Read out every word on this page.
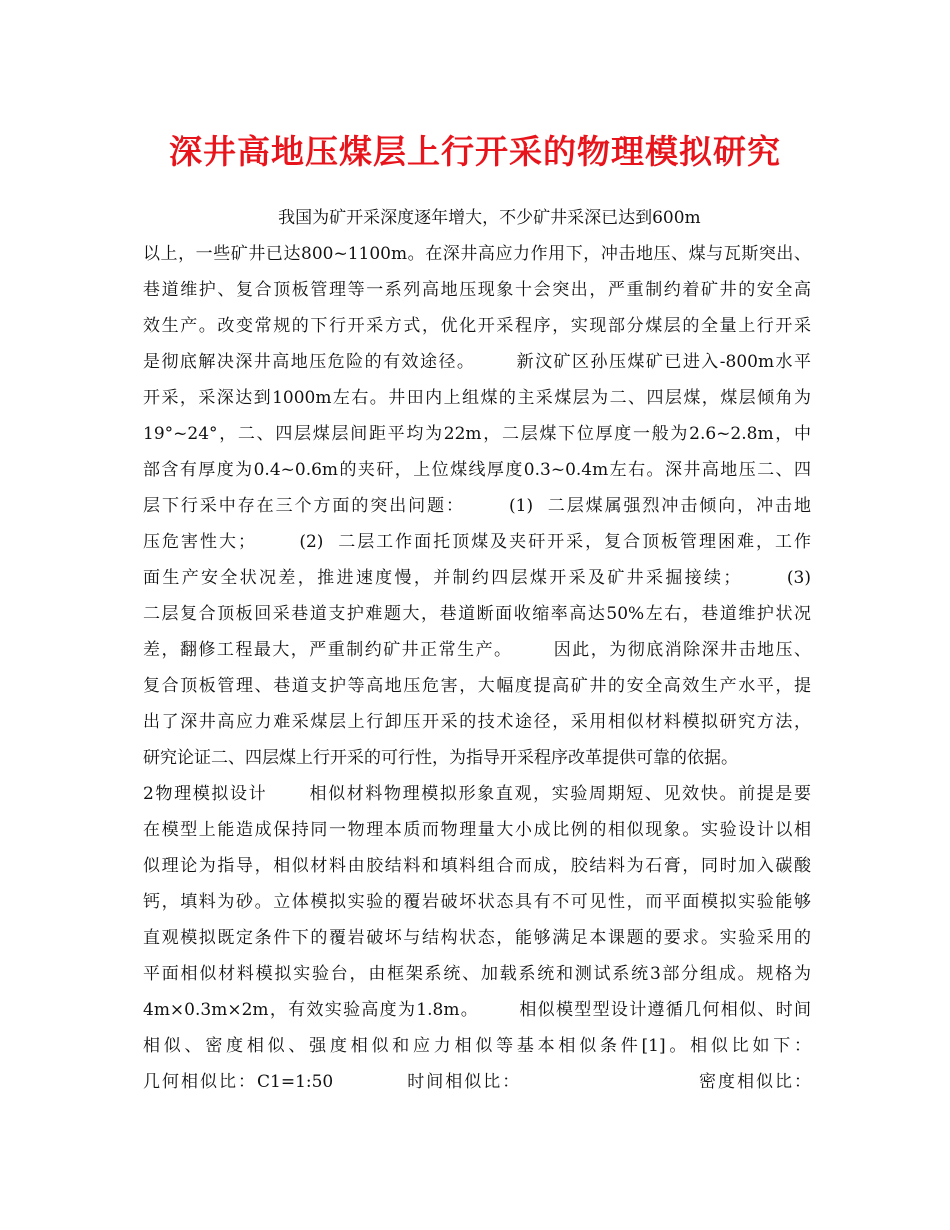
深井高地压煤层上行开采的物理模拟研究
我国为矿开采深度逐年增大，不少矿井采深已达到600m
以上，一些矿井已达800~1100m。在深井高应力作用下，冲击地压、煤与瓦斯突出、
巷道维护、复合顶板管理等一系列高地压现象十会突出，严重制约着矿井的安全高
效生产。改变常规的下行开采方式，优化开采程序，实现部分煤层的全量上行开采
是彻底解决深井高地压危险的有效途径。      新汶矿区孙压煤矿已进入-800m水平
开采，采深达到1000m左右。井田内上组煤的主采煤层为二、四层煤，煤层倾角为
19°~24°，二、四层煤层间距平均为22m，二层煤下位厚度一般为2.6~2.8m，中
部含有厚度为0.4~0.6m的夹矸，上位煤线厚度0.3~0.4m左右。深井高地压二、四
层下行采中存在三个方面的突出问题：      (1)  二层煤属强烈冲击倾向，冲击地
压危害性大；      (2)  二层工作面托顶煤及夹矸开采，复合顶板管理困难，工作
面生产安全状况差，推进速度慢，并制约四层煤开采及矿井采掘接续；      (3)
二层复合顶板回采巷道支护难题大，巷道断面收缩率高达50%左右，巷道维护状况
差，翻修工程最大，严重制约矿井正常生产。      因此，为彻底消除深井击地压、
复合顶板管理、巷道支护等高地压危害，大幅度提高矿井的安全高效生产水平，提
出了深井高应力难采煤层上行卸压开采的技术途径，采用相似材料模拟研究方法，
研究论证二、四层煤上行开采的可行性，为指导开采程序改革提供可靠的依据。
2物理模拟设计      相似材料物理模拟形象直观，实验周期短、见效快。前提是要
在模型上能造成保持同一物理本质而物理量大小成比例的相似现象。实验设计以相
似理论为指导，相似材料由胶结料和填料组合而成，胶结料为石膏，同时加入碳酸
钙，填料为砂。立体模拟实验的覆岩破坏状态具有不可见性，而平面模拟实验能够
直观模拟既定条件下的覆岩破坏与结构状态，能够满足本课题的要求。实验采用的
平面相似材料模拟实验台，由框架系统、加载系统和测试系统3部分组成。规格为
4m×0.3m×2m，有效实验高度为1.8m。      相似模型型设计遵循几何相似、时间
相似、密度相似、强度相似和应力相似等基本相似条件[1]。相似比如下：
几何相似比：C1=1:50          时间相似比：                        密度相似比：
